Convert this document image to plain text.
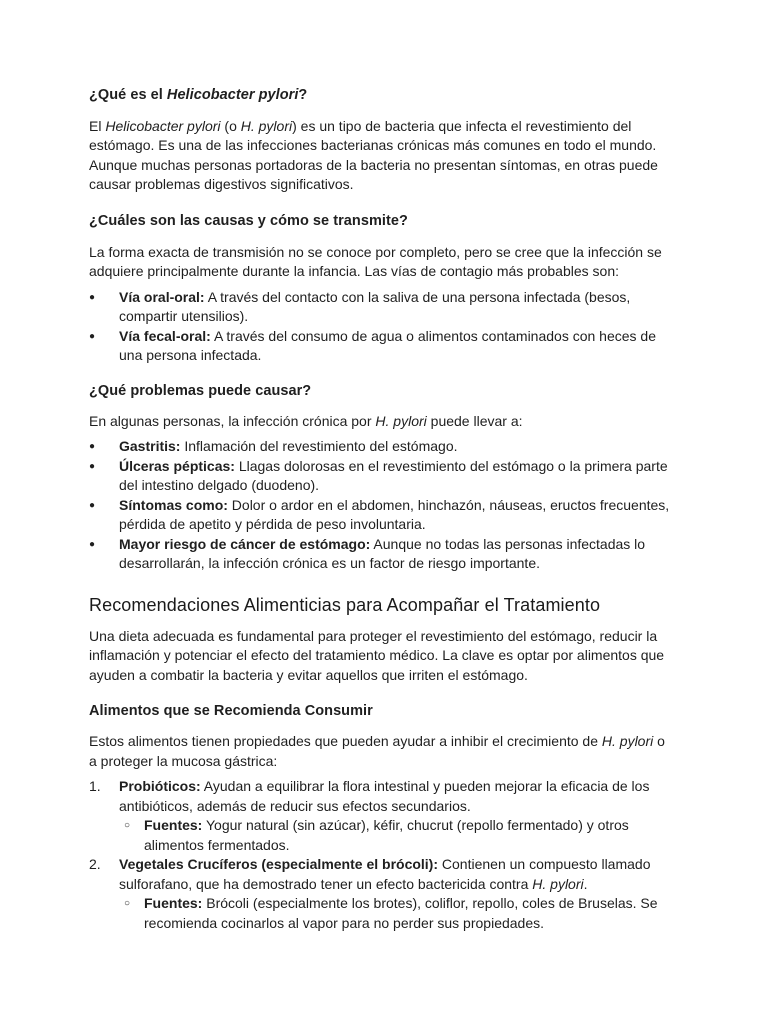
¿Qué es el Helicobacter pylori?

El Helicobacter pylori (o H. pylori) es un tipo de bacteria que infecta el revestimiento del estómago. Es una de las infecciones bacterianas crónicas más comunes en todo el mundo. Aunque muchas personas portadoras de la bacteria no presentan síntomas, en otras puede causar problemas digestivos significativos.

¿Cuáles son las causas y cómo se transmite?

La forma exacta de transmisión no se conoce por completo, pero se cree que la infección se adquiere principalmente durante la infancia. Las vías de contagio más probables son:

● Vía oral-oral: A través del contacto con la saliva de una persona infectada (besos, compartir utensilios).
● Vía fecal-oral: A través del consumo de agua o alimentos contaminados con heces de una persona infectada.
¿Qué problemas puede causar?

En algunas personas, la infección crónica por H. pylori puede llevar a:

● Gastritis: Inflamación del revestimiento del estómago.
● Úlceras pépticas: Llagas dolorosas en el revestimiento del estómago o la primera parte del intestino delgado (duodeno).
● Síntomas como: Dolor o ardor en el abdomen, hinchazón, náuseas, eructos frecuentes, pérdida de apetito y pérdida de peso involuntaria.
● Mayor riesgo de cáncer de estómago: Aunque no todas las personas infectadas lo desarrollarán, la infección crónica es un factor de riesgo importante.
Recomendaciones Alimenticias para Acompañar el Tratamiento

Una dieta adecuada es fundamental para proteger el revestimiento del estómago, reducir la inflamación y potenciar el efecto del tratamiento médico. La clave es optar por alimentos que ayuden a combatir la bacteria y evitar aquellos que irriten el estómago.

Alimentos que se Recomienda Consumir

Estos alimentos tienen propiedades que pueden ayudar a inhibir el crecimiento de H. pylori o a proteger la mucosa gástrica:

1. Probióticos: Ayudan a equilibrar la flora intestinal y pueden mejorar la eficacia de los antibióticos, además de reducir sus efectos secundarios.
○ Fuentes: Yogur natural (sin azúcar), kéfir, chucrut (repollo fermentado) y otros alimentos fermentados.
2. Vegetales Crucíferos (especialmente el brócoli): Contienen un compuesto llamado sulforafano, que ha demostrado tener un efecto bactericida contra H. pylori.
○ Fuentes: Brócoli (especialmente los brotes), coliflor, repollo, coles de Bruselas. Se recomienda cocinarlos al vapor para no perder sus propiedades.
